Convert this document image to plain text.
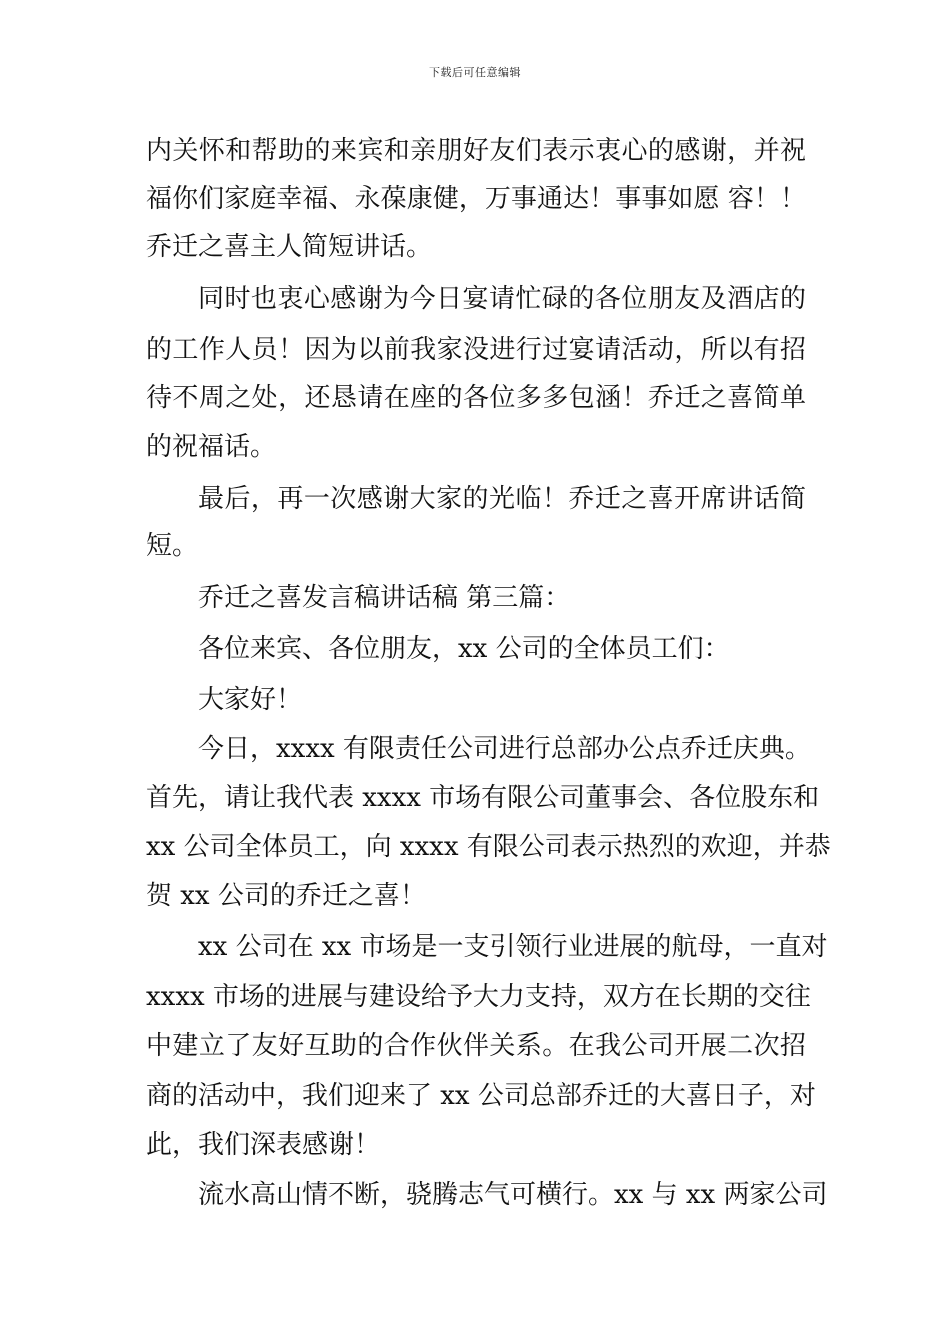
下载后可任意编辑
内关怀和帮助的来宾和亲朋好友们表示衷心的感谢，并祝
福你们家庭幸福、永葆康健，万事通达！事事如愿 容！！
乔迁之喜主人简短讲话。
同时也衷心感谢为今日宴请忙碌的各位朋友及酒店的
的工作人员！因为以前我家没进行过宴请活动，所以有招
待不周之处，还恳请在座的各位多多包涵！乔迁之喜简单
的祝福话。
最后，再一次感谢大家的光临！乔迁之喜开席讲话简
短。
乔迁之喜发言稿讲话稿 第三篇：
各位来宾、各位朋友，xx 公司的全体员工们：
大家好！
今日，xxxx 有限责任公司进行总部办公点乔迁庆典。
首先，请让我代表 xxxx 市场有限公司董事会、各位股东和
xx 公司全体员工，向 xxxx 有限公司表示热烈的欢迎，并恭
贺 xx 公司的乔迁之喜！
xx 公司在 xx 市场是一支引领行业进展的航母，一直对
xxxx 市场的进展与建设给予大力支持，双方在长期的交往
中建立了友好互助的合作伙伴关系。在我公司开展二次招
商的活动中，我们迎来了 xx 公司总部乔迁的大喜日子，对
此，我们深表感谢！
流水高山情不断，骁腾志气可横行。xx 与 xx 两家公司
